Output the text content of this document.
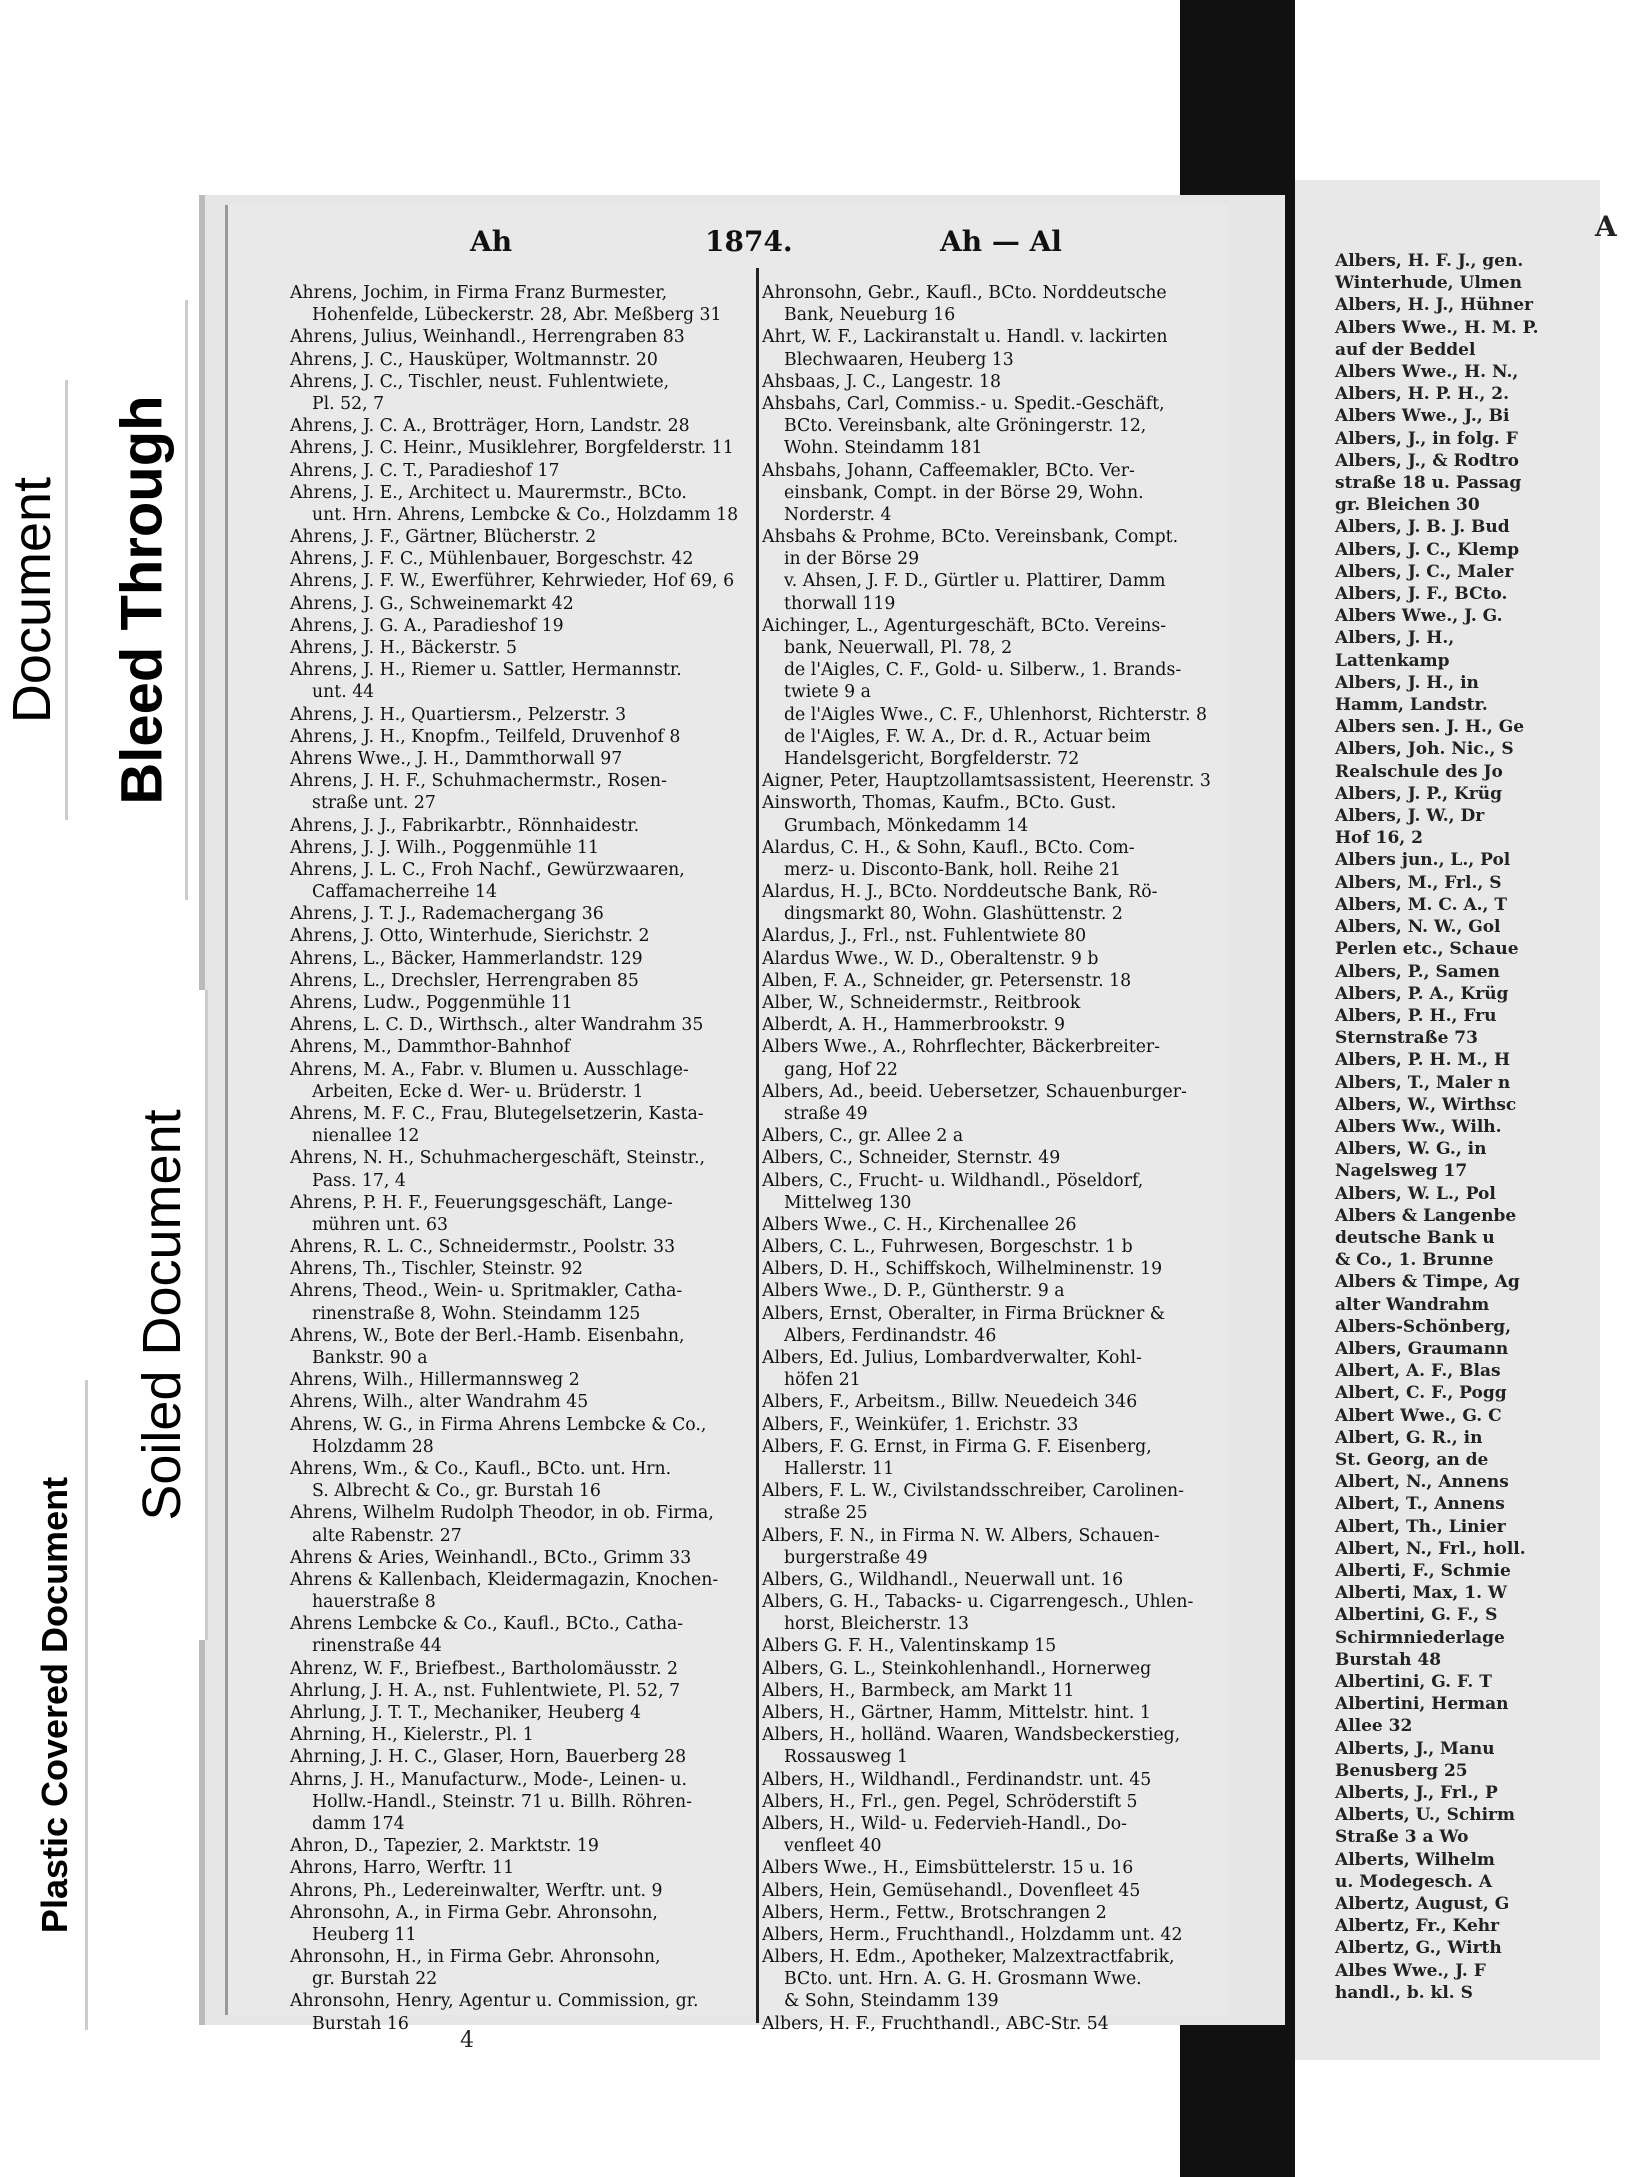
A
Albers, H. F. J., gen.
Winterhude, Ulmen
Albers, H. J., Hühner
Albers Wwe., H. M. P.
auf der Beddel
Albers Wwe., H. N.,
Albers, H. P. H., 2.
Albers Wwe., J., Bi
Albers, J., in folg. F
Albers, J., & Rodtro
straße 18 u. Passag
gr. Bleichen 30
Albers, J. B. J. Bud
Albers, J. C., Klemp
Albers, J. C., Maler
Albers, J. F., BCto.
Albers Wwe., J. G.
Albers, J. H.,
Lattenkamp
Albers, J. H., in
Hamm, Landstr.
Albers sen. J. H., Ge
Albers, Joh. Nic., S
Realschule des Jo
Albers, J. P., Krüg
Albers, J. W., Dr
Hof 16, 2
Albers jun., L., Pol
Albers, M., Frl., S
Albers, M. C. A., T
Albers, N. W., Gol
Perlen etc., Schaue
Albers, P., Samen
Albers, P. A., Krüg
Albers, P. H., Fru
Sternstraße 73
Albers, P. H. M., H
Albers, T., Maler n
Albers, W., Wirthsc
Albers Ww., Wilh.
Albers, W. G., in
Nagelsweg 17
Albers, W. L., Pol
Albers & Langenbe
deutsche Bank u
& Co., 1. Brunne
Albers & Timpe, Ag
alter Wandrahm
Albers-Schönberg,
Albers, Graumann
Albert, A. F., Blas
Albert, C. F., Pogg
Albert Wwe., G. C
Albert, G. R., in
St. Georg, an de
Albert, N., Annens
Albert, T., Annens
Albert, Th., Linier
Albert, N., Frl., holl.
Alberti, F., Schmie
Alberti, Max, 1. W
Albertini, G. F., S
Schirmniederlage
Burstah 48
Albertini, G. F. T
Albertini, Herman
Allee 32
Alberts, J., Manu
Benusberg 25
Alberts, J., Frl., P
Alberts, U., Schirm
Straße 3 a Wo
Alberts, Wilhelm
u. Modegesch. A
Albertz, August, G
Albertz, Fr., Kehr
Albertz, G., Wirth
Albes Wwe., J. F
handl., b. kl. S
Document Bleed Through
Soiled Document
Plastic Covered Document
Ah	1874.	Ah — Al
Ahrens, Jochim, in Firma Franz Burmester,
Hohenfelde, Lübeckerstr. 28, Abr. Meßberg 31
Ahrens, Julius, Weinhandl., Herrengraben 83
Ahrens, J. C., Hausküper, Woltmannstr. 20
Ahrens, J. C., Tischler, neust. Fuhlentwiete,
Pl. 52, 7
Ahrens, J. C. A., Brotträger, Horn, Landstr. 28
Ahrens, J. C. Heinr., Musiklehrer, Borgfelderstr. 11
Ahrens, J. C. T., Paradieshof 17
Ahrens, J. E., Architect u. Maurermstr., BCto.
unt. Hrn. Ahrens, Lembcke & Co., Holzdamm 18
Ahrens, J. F., Gärtner, Blücherstr. 2
Ahrens, J. F. C., Mühlenbauer, Borgeschstr. 42
Ahrens, J. F. W., Ewerführer, Kehrwieder, Hof 69, 6
Ahrens, J. G., Schweinemarkt 42
Ahrens, J. G. A., Paradieshof 19
Ahrens, J. H., Bäckerstr. 5
Ahrens, J. H., Riemer u. Sattler, Hermannstr.
unt. 44
Ahrens, J. H., Quartiersm., Pelzerstr. 3
Ahrens, J. H., Knopfm., Teilfeld, Druvenhof 8
Ahrens Wwe., J. H., Dammthorwall 97
Ahrens, J. H. F., Schuhmachermstr., Rosen-
straße unt. 27
Ahrens, J. J., Fabrikarbtr., Rönnhaidestr.
Ahrens, J. J. Wilh., Poggenmühle 11
Ahrens, J. L. C., Froh Nachf., Gewürzwaaren,
Caffamacherreihe 14
Ahrens, J. T. J., Rademachergang 36
Ahrens, J. Otto, Winterhude, Sierichstr. 2
Ahrens, L., Bäcker, Hammerlandstr. 129
Ahrens, L., Drechsler, Herrengraben 85
Ahrens, Ludw., Poggenmühle 11
Ahrens, L. C. D., Wirthsch., alter Wandrahm 35
Ahrens, M., Dammthor-Bahnhof
Ahrens, M. A., Fabr. v. Blumen u. Ausschlage-
Arbeiten, Ecke d. Wer- u. Brüderstr. 1
Ahrens, M. F. C., Frau, Blutegelsetzerin, Kasta-
nienallee 12
Ahrens, N. H., Schuhmachergeschäft, Steinstr.,
Pass. 17, 4
Ahrens, P. H. F., Feuerungsgeschäft, Lange-
mühren unt. 63
Ahrens, R. L. C., Schneidermstr., Poolstr. 33
Ahrens, Th., Tischler, Steinstr. 92
Ahrens, Theod., Wein- u. Spritmakler, Catha-
rinenstraße 8, Wohn. Steindamm 125
Ahrens, W., Bote der Berl.-Hamb. Eisenbahn,
Bankstr. 90 a
Ahrens, Wilh., Hillermannsweg 2
Ahrens, Wilh., alter Wandrahm 45
Ahrens, W. G., in Firma Ahrens Lembcke & Co.,
Holzdamm 28
Ahrens, Wm., & Co., Kaufl., BCto. unt. Hrn.
S. Albrecht & Co., gr. Burstah 16
Ahrens, Wilhelm Rudolph Theodor, in ob. Firma,
alte Rabenstr. 27
Ahrens & Aries, Weinhandl., BCto., Grimm 33
Ahrens & Kallenbach, Kleidermagazin, Knochen-
hauerstraße 8
Ahrens Lembcke & Co., Kaufl., BCto., Catha-
rinenstraße 44
Ahrenz, W. F., Briefbest., Bartholomäusstr. 2
Ahrlung, J. H. A., nst. Fuhlentwiete, Pl. 52, 7
Ahrlung, J. T. T., Mechaniker, Heuberg 4
Ahrning, H., Kielerstr., Pl. 1
Ahrning, J. H. C., Glaser, Horn, Bauerberg 28
Ahrns, J. H., Manufacturw., Mode-, Leinen- u.
Hollw.-Handl., Steinstr. 71 u. Billh. Röhren-
damm 174
Ahron, D., Tapezier, 2. Marktstr. 19
Ahrons, Harro, Werftr. 11
Ahrons, Ph., Ledereinwalter, Werftr. unt. 9
Ahronsohn, A., in Firma Gebr. Ahronsohn,
Heuberg 11
Ahronsohn, H., in Firma Gebr. Ahronsohn,
gr. Burstah 22
Ahronsohn, Henry, Agentur u. Commission, gr.
Burstah 16
Ahronsohn, Gebr., Kaufl., BCto. Norddeutsche
Bank, Neueburg 16
Ahrt, W. F., Lackiranstalt u. Handl. v. lackirten
Blechwaaren, Heuberg 13
Ahsbaas, J. C., Langestr. 18
Ahsbahs, Carl, Commiss.- u. Spedit.-Geschäft,
BCto. Vereinsbank, alte Gröningerstr. 12,
Wohn. Steindamm 181
Ahsbahs, Johann, Caffeemakler, BCto. Ver-
einsbank, Compt. in der Börse 29, Wohn.
Norderstr. 4
Ahsbahs & Prohme, BCto. Vereinsbank, Compt.
in der Börse 29
v. Ahsen, J. F. D., Gürtler u. Plattirer, Damm
thorwall 119
Aichinger, L., Agenturgeschäft, BCto. Vereins-
bank, Neuerwall, Pl. 78, 2
de l'Aigles, C. F., Gold- u. Silberw., 1. Brands-
twiete 9 a
de l'Aigles Wwe., C. F., Uhlenhorst, Richterstr. 8
de l'Aigles, F. W. A., Dr. d. R., Actuar beim
Handelsgericht, Borgfelderstr. 72
Aigner, Peter, Hauptzollamtsassistent, Heerenstr. 3
Ainsworth, Thomas, Kaufm., BCto. Gust.
Grumbach, Mönkedamm 14
Alardus, C. H., & Sohn, Kaufl., BCto. Com-
merz- u. Disconto-Bank, holl. Reihe 21
Alardus, H. J., BCto. Norddeutsche Bank, Rö-
dingsmarkt 80, Wohn. Glashüttenstr. 2
Alardus, J., Frl., nst. Fuhlentwiete 80
Alardus Wwe., W. D., Oberaltenstr. 9 b
Alben, F. A., Schneider, gr. Petersenstr. 18
Alber, W., Schneidermstr., Reitbrook
Alberdt, A. H., Hammerbrookstr. 9
Albers Wwe., A., Rohrflechter, Bäckerbreiter-
gang, Hof 22
Albers, Ad., beeid. Uebersetzer, Schauenburger-
straße 49
Albers, C., gr. Allee 2 a
Albers, C., Schneider, Sternstr. 49
Albers, C., Frucht- u. Wildhandl., Pöseldorf,
Mittelweg 130
Albers Wwe., C. H., Kirchenallee 26
Albers, C. L., Fuhrwesen, Borgeschstr. 1 b
Albers, D. H., Schiffskoch, Wilhelminenstr. 19
Albers Wwe., D. P., Güntherstr. 9 a
Albers, Ernst, Oberalter, in Firma Brückner &
Albers, Ferdinandstr. 46
Albers, Ed. Julius, Lombardverwalter, Kohl-
höfen 21
Albers, F., Arbeitsm., Billw. Neuedeich 346
Albers, F., Weinküfer, 1. Erichstr. 33
Albers, F. G. Ernst, in Firma G. F. Eisenberg,
Hallerstr. 11
Albers, F. L. W., Civilstandsschreiber, Carolinen-
straße 25
Albers, F. N., in Firma N. W. Albers, Schauen-
burgerstraße 49
Albers, G., Wildhandl., Neuerwall unt. 16
Albers, G. H., Tabacks- u. Cigarrengesch., Uhlen-
horst, Bleicherstr. 13
Albers G. F. H., Valentinskamp 15
Albers, G. L., Steinkohlenhandl., Hornerweg
Albers, H., Barmbeck, am Markt 11
Albers, H., Gärtner, Hamm, Mittelstr. hint. 1
Albers, H., holländ. Waaren, Wandsbeckerstieg,
Rossausweg 1
Albers, H., Wildhandl., Ferdinandstr. unt. 45
Albers, H., Frl., gen. Pegel, Schröderstift 5
Albers, H., Wild- u. Federvieh-Handl., Do-
venfleet 40
Albers Wwe., H., Eimsbüttelerstr. 15 u. 16
Albers, Hein, Gemüsehandl., Dovenfleet 45
Albers, Herm., Fettw., Brotschrangen 2
Albers, Herm., Fruchthandl., Holzdamm unt. 42
Albers, H. Edm., Apotheker, Malzextractfabrik,
BCto. unt. Hrn. A. G. H. Grosmann Wwe.
& Sohn, Steindamm 139
Albers, H. F., Fruchthandl., ABC-Str. 54
4
